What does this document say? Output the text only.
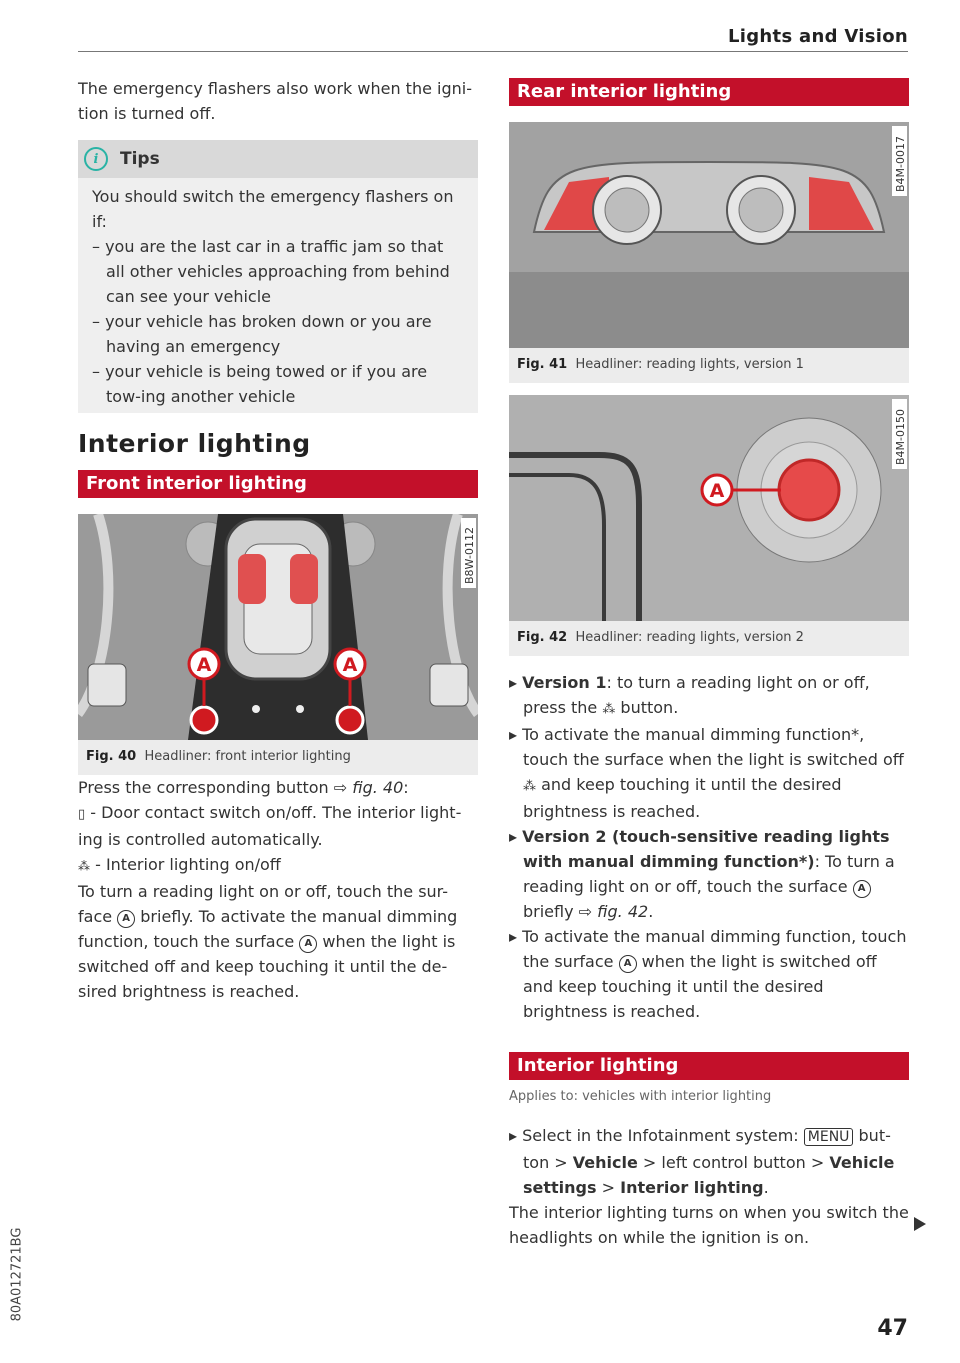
Lights and Vision

The emergency flashers also work when the igni-tion is turned off.

i	Tips

You should switch the emergency flashers on if:

– you are the last car in a traffic jam so that all other vehicles approaching from behind can see your vehicle
– your vehicle has broken down or you are having an emergency
– your vehicle is being towed or if you are tow-ing another vehicle
Interior lighting
Front interior lighting
A	A
B8W-0112
Fig. 40 Headliner: front interior lighting

Press the corresponding button ⇨ fig. 40:

▯ - Door contact switch on/off. The interior light-ing is controlled automatically.

⁂ - Interior lighting on/off

To turn a reading light on or off, touch the sur-face A briefly. To activate the manual dimming function, touch the surface A when the light is switched off and keep touching it until the de-sired brightness is reached.

Rear interior lighting
B4M-0017
Fig. 41 Headliner: reading lights, version 1
A
B4M-0150
Fig. 42 Headliner: reading lights, version 2
▸ Version 1: to turn a reading light on or off, press the ⁂ button.
▸ To activate the manual dimming function*, touch the surface when the light is switched off ⁂ and keep touching it until the desired brightness is reached.
▸ Version 2 (touch-sensitive reading lights with manual dimming function*): To turn a reading light on or off, touch the surface A briefly ⇨ fig. 42.
▸ To activate the manual dimming function, touch the surface A when the light is switched off and keep touching it until the desired brightness is reached.
Interior lighting
Applies to: vehicles with interior lighting
▸ Select in the Infotainment system: MENU but-ton > Vehicle > left control button > Vehicle settings > Interior lighting.

The interior lighting turns on when you switch the headlights on while the ignition is on.

80A012721BG
47
